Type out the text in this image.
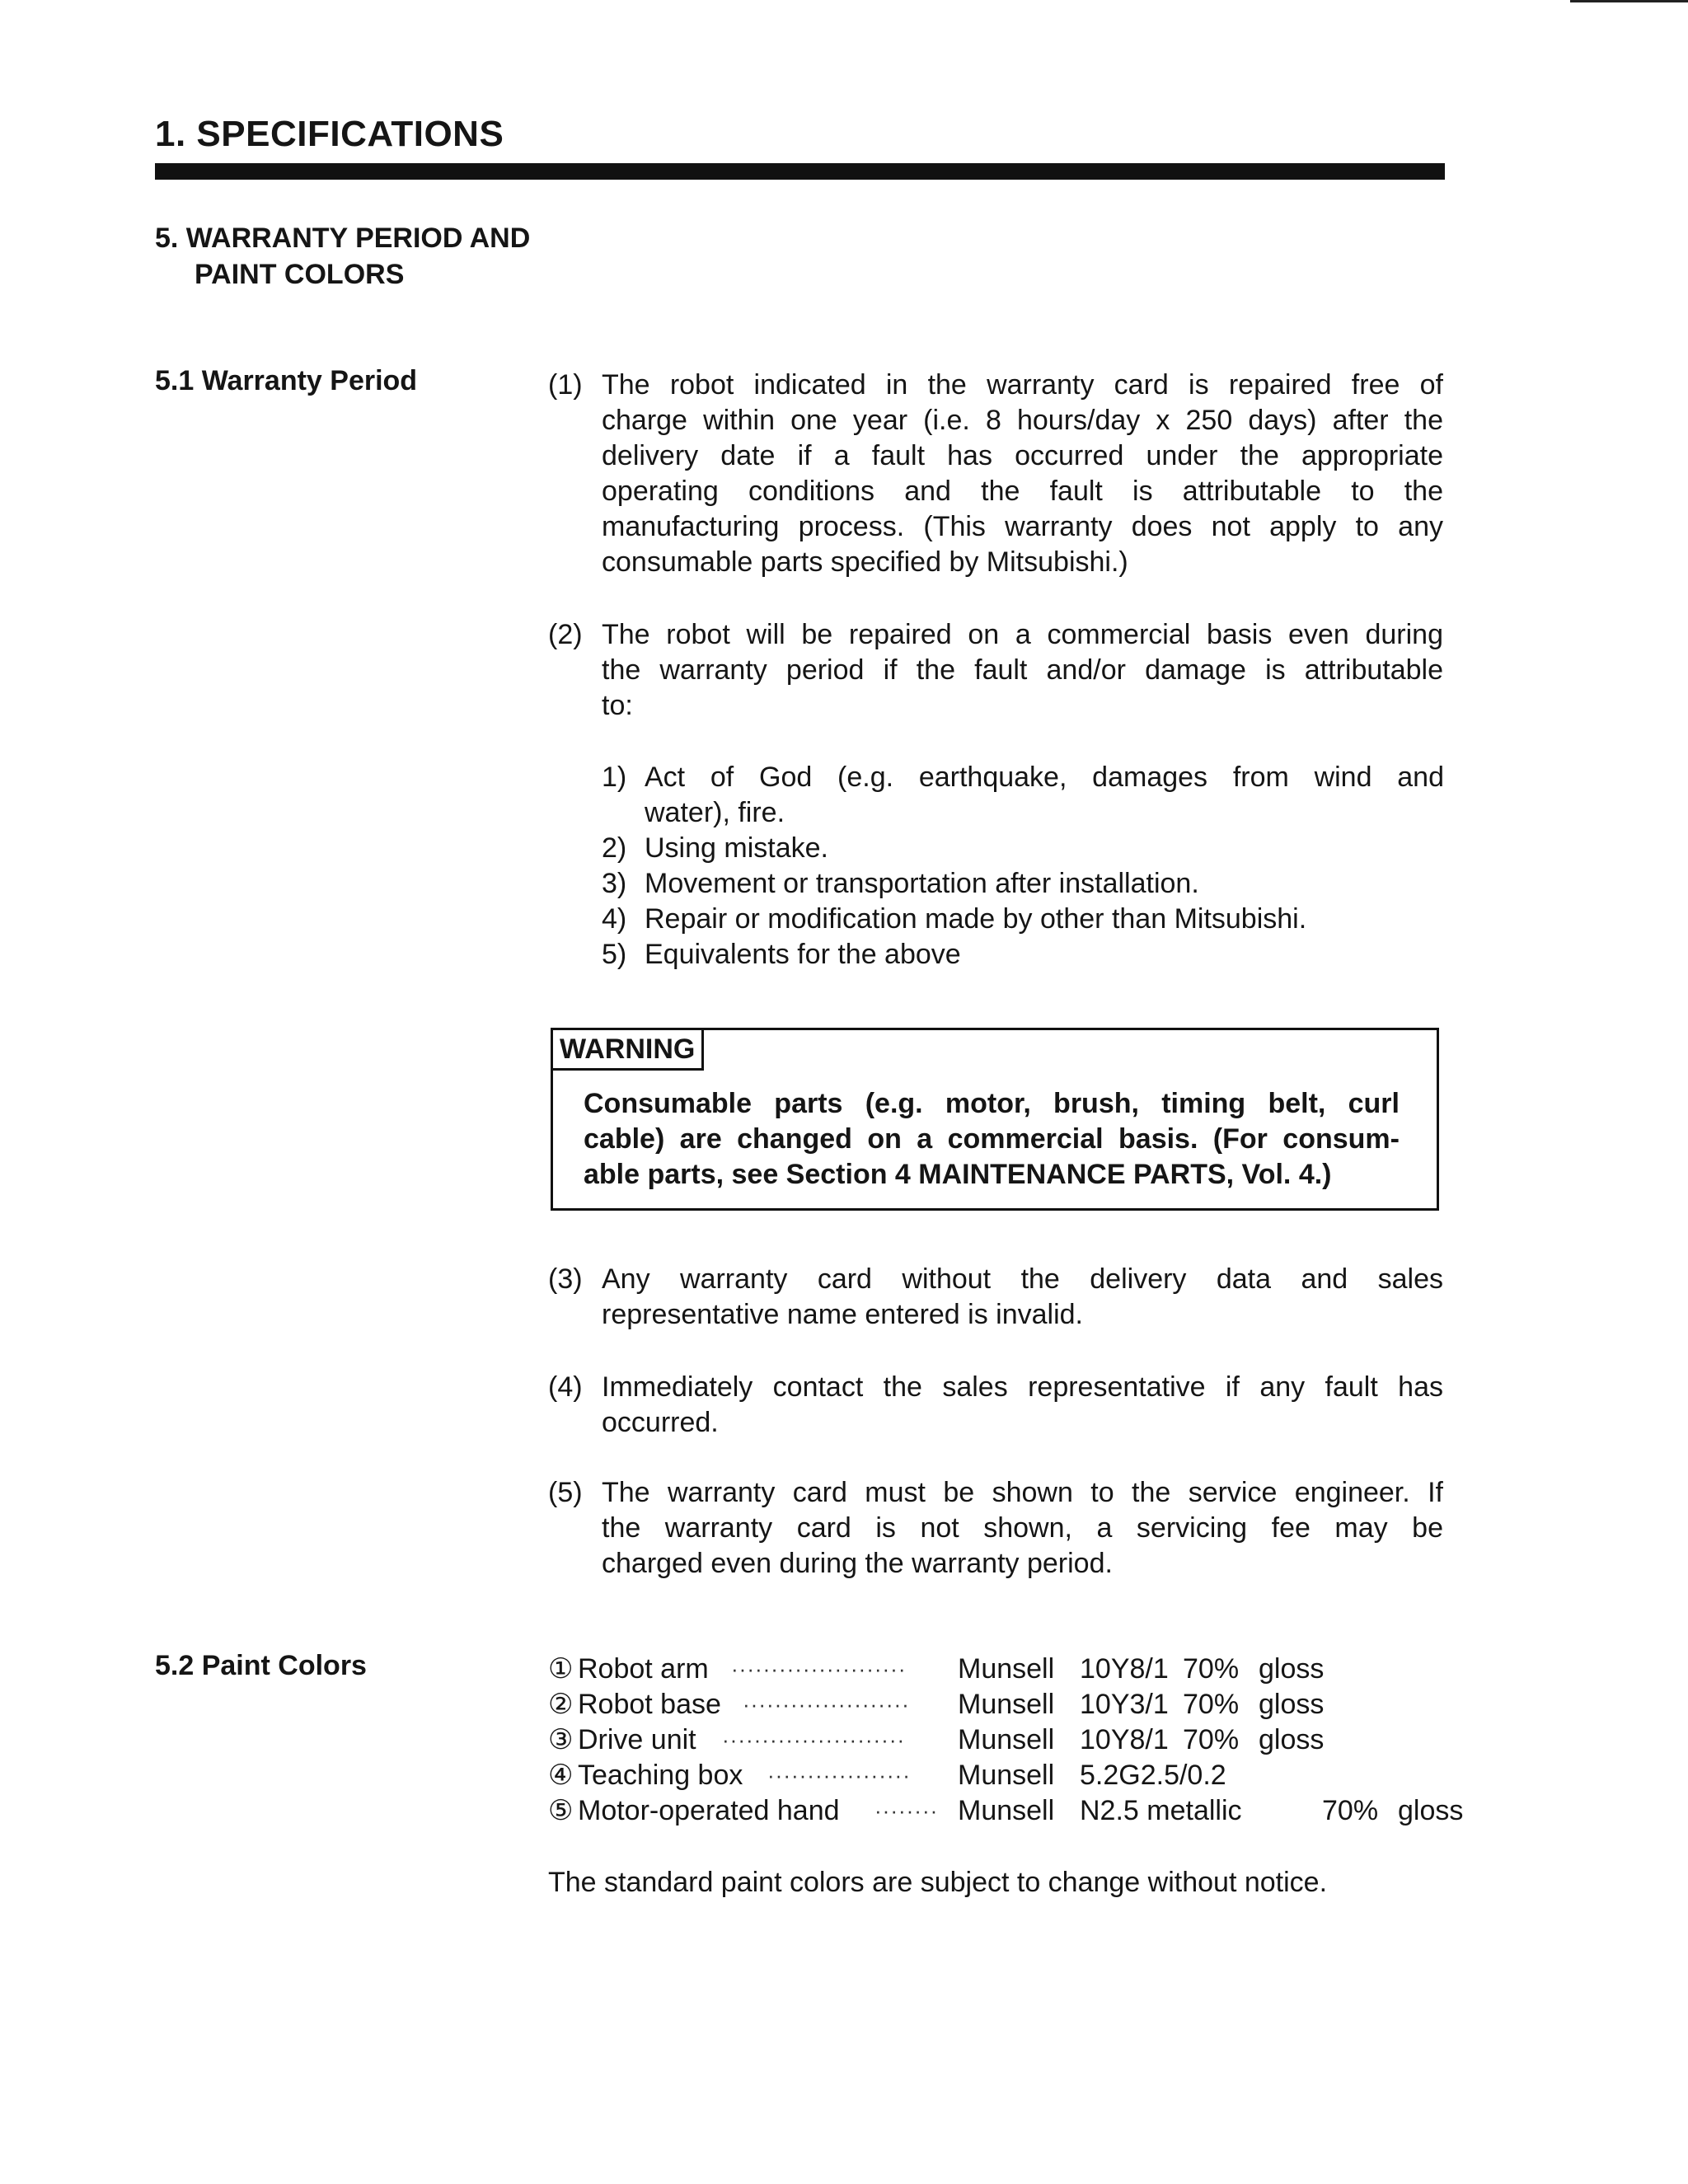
1. SPECIFICATIONS
5. WARRANTY PERIOD AND
PAINT COLORS
5.1 Warranty Period	(1) The robot indicated in the warranty card is repaired free of
charge within one year (i.e. 8 hours/day x 250 days) after the
delivery date if a fault has occurred under the appropriate
operating conditions and the fault is attributable to the
manufacturing process. (This warranty does not apply to any
consumable parts specified by Mitsubishi.)
(2) The robot will be repaired on a commercial basis even during
the warranty period if the fault and/or damage is attributable
to:
1) Act of God (e.g. earthquake, damages from wind and
water), fire.
2) Using mistake.
3) Movement or transportation after installation.
4) Repair or modification made by other than Mitsubishi.
5) Equivalents for the above
WARNING
Consumable parts (e.g. motor, brush, timing belt, curl
cable) are changed on a commercial basis. (For consum-
able parts, see Section 4 MAINTENANCE PARTS, Vol. 4.)
(3) Any warranty card without the delivery data and sales
representative name entered is invalid.
(4) Immediately contact the sales representative if any fault has
occurred.
(5) The warranty card must be shown to the service engineer. If
the warranty card is not shown, a servicing fee may be
charged even during the warranty period.
5.2 Paint Colors	① Robot arm ······················ Munsell 10Y8/1 70% gloss
② Robot base ····················· Munsell 10Y3/1 70% gloss
③ Drive unit ······················· Munsell 10Y8/1 70% gloss
④ Teaching box ·················· Munsell 5.2G2.5/0.2
⑤ Motor-operated hand ········ Munsell N2.5 metallic	70% gloss
The standard paint colors are subject to change without notice.
